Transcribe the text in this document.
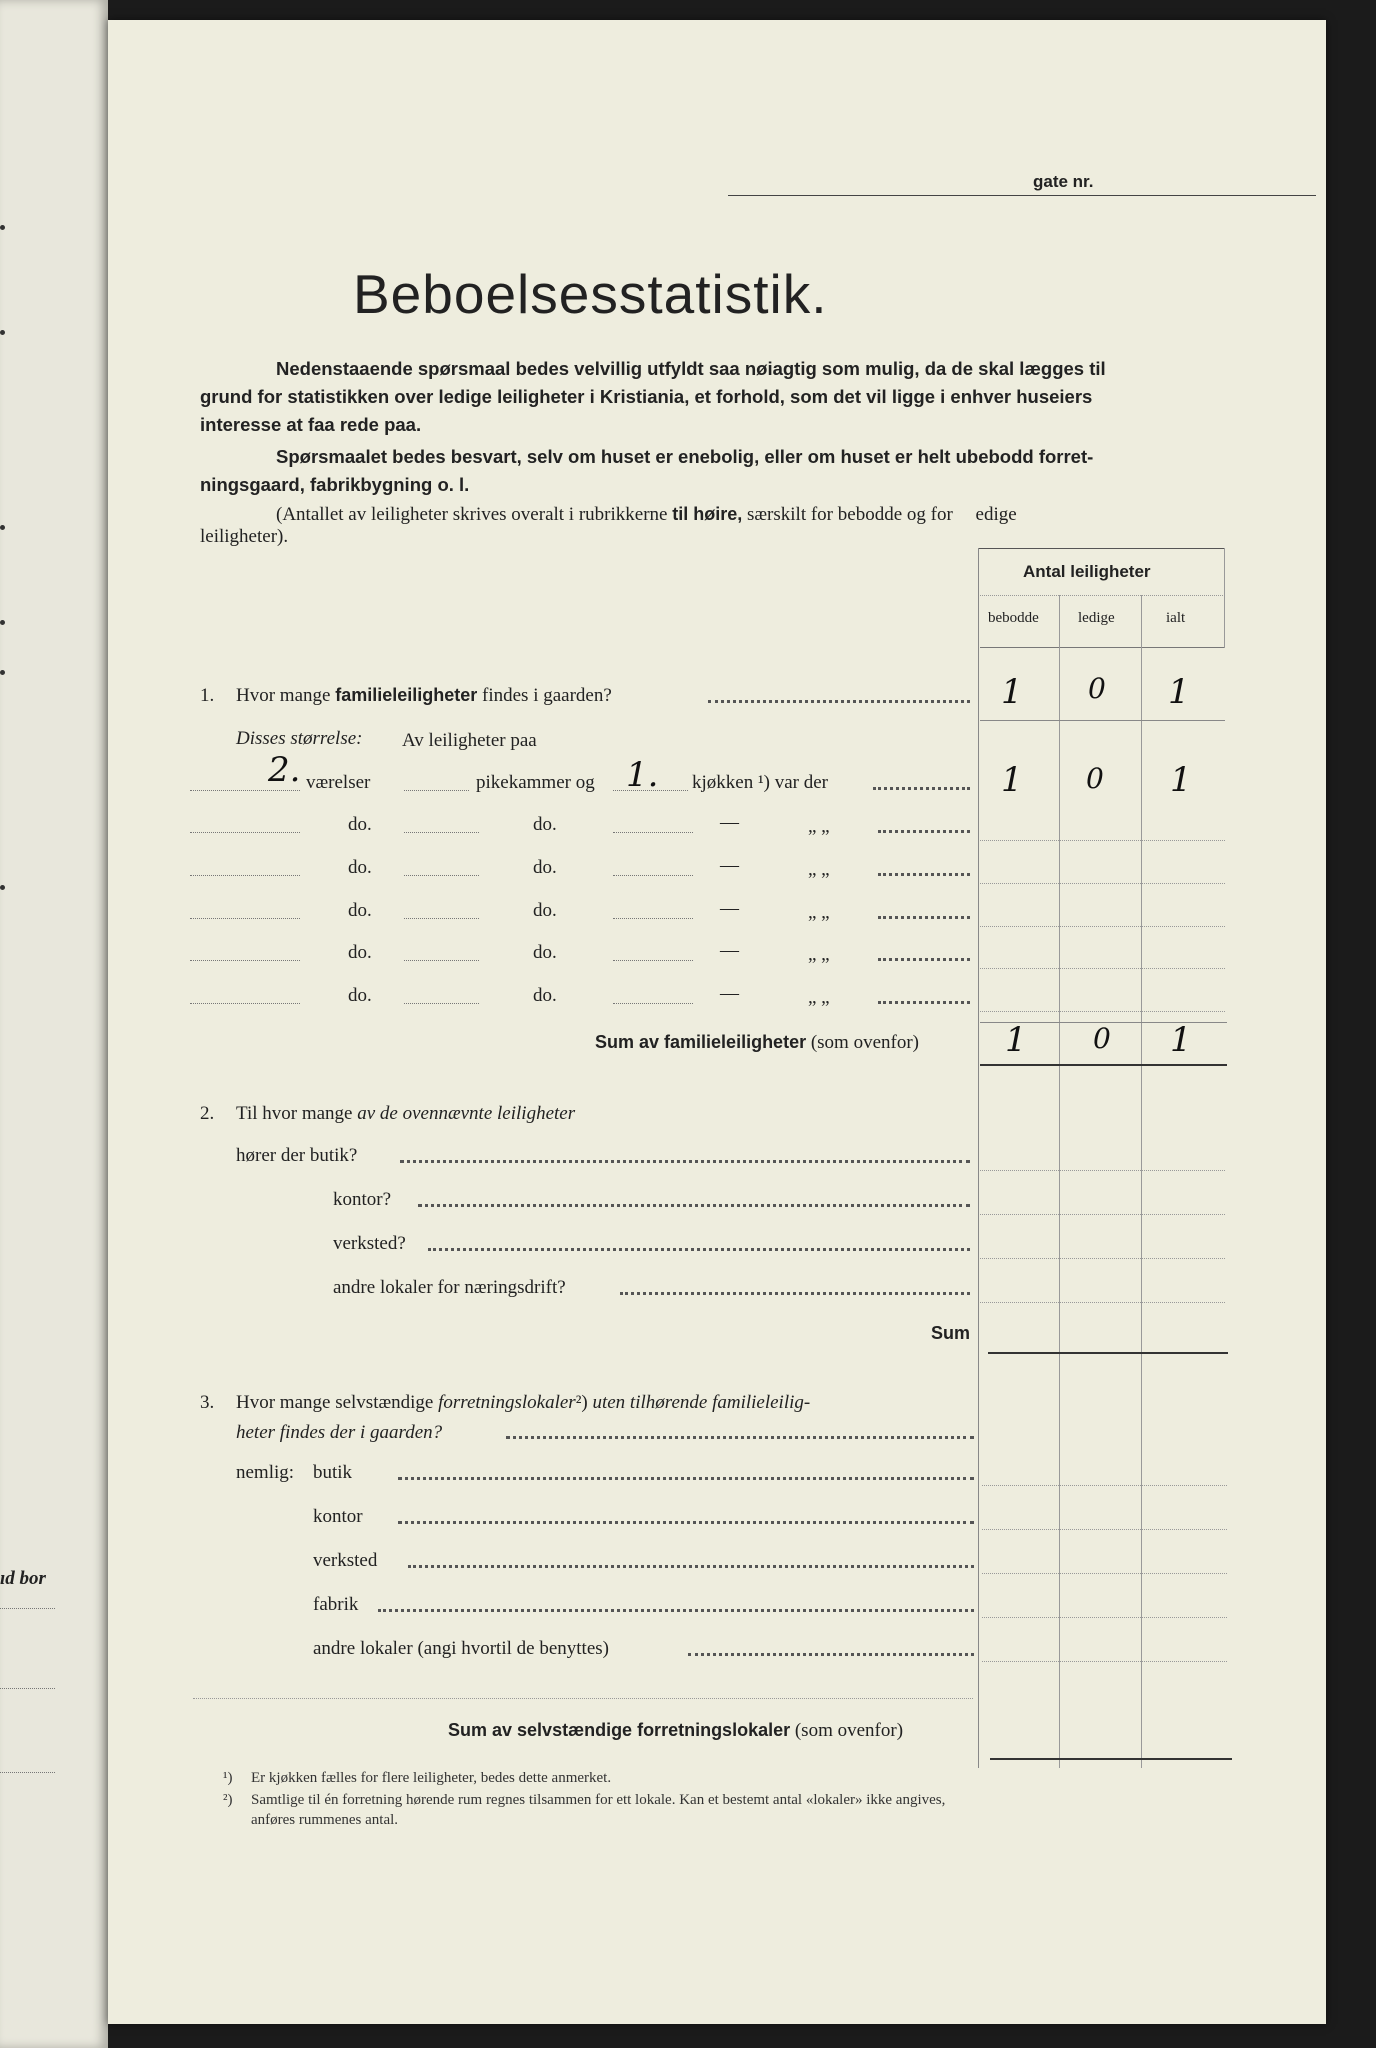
ıd bor
gate nr.
Beboelsesstatistik.
Nedenstaaende spørsmaal bedes velvillig utfyldt saa nøiagtig som mulig, da de skal lægges til
grund for statistikken over ledige leiligheter i Kristiania, et forhold, som det vil ligge i enhver huseiers
interesse at faa rede paa.
Spørsmaalet bedes besvart, selv om huset er enebolig, eller om huset er helt ubebodd forret-
ningsgaard, fabrikbygning o. l.
(Antallet av leiligheter skrives overalt i rubrikkerne til høire, særskilt for bebodde og for edige
leiligheter).
Antal leiligheter
bebodde	ledige	ialt
1. Hvor mange familieleiligheter findes i gaarden?	1 0 1
Disses størrelse: Av leiligheter paa
2. værelser	pikekammer og 1. kjøkken ¹) var der	1 0 1
do.	do.	—	„ „
do.	do.	—	„ „
do.	do.	—	„ „
do.	do.	—	„ „
do.	do.	—	„ „
Sum av familieleiligheter (som ovenfor)	1 0 1
2. Til hvor mange av de ovennævnte leiligheter
hører der butik?
kontor?
verksted?
andre lokaler for næringsdrift?
Sum
3. Hvor mange selvstændige forretningslokaler²) uten tilhørende familieleilig-
heter findes der i gaarden?
nemlig: butik
kontor
verksted
fabrik
andre lokaler (angi hvortil de benyttes)
Sum av selvstændige forretningslokaler (som ovenfor)
¹) Er kjøkken fælles for flere leiligheter, bedes dette anmerket.
²) Samtlige til én forretning hørende rum regnes tilsammen for ett lokale. Kan et bestemt antal «lokaler» ikke angives,
anføres rummenes antal.
